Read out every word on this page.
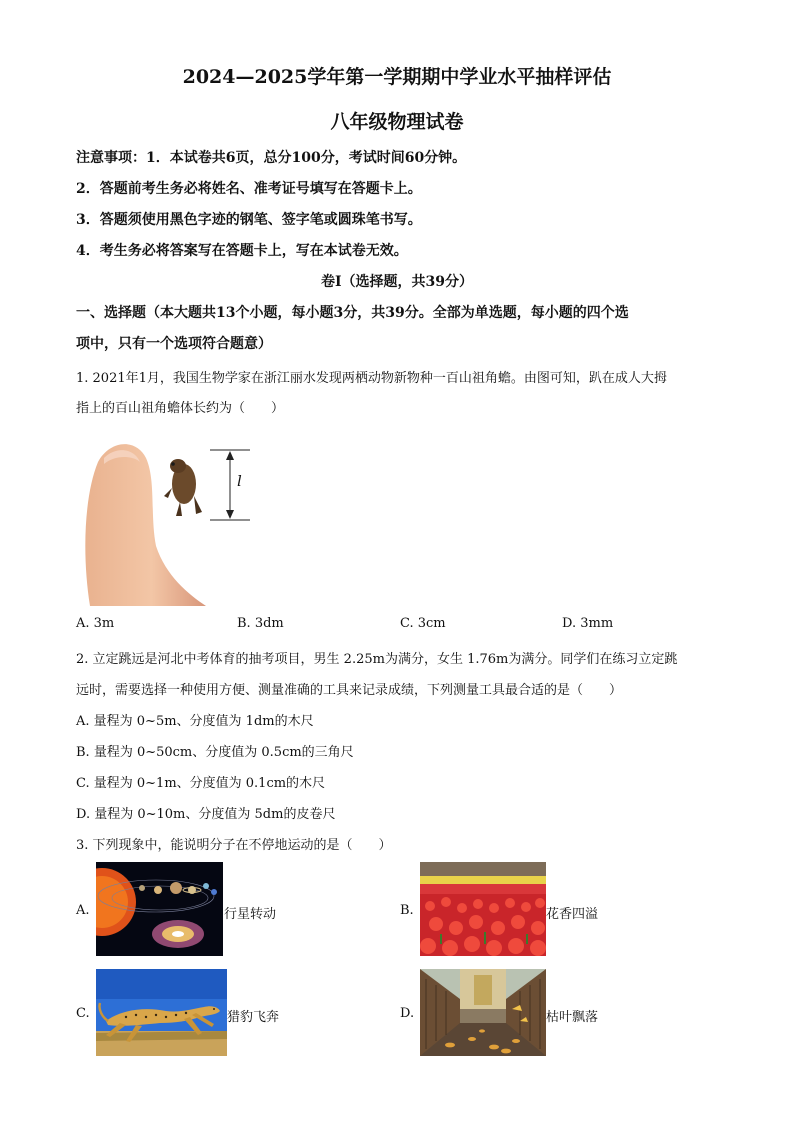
2024—2025学年第一学期期中学业水平抽样评估
八年级物理试卷
注意事项：1．本试卷共6页，总分100分，考试时间60分钟。
2．答题前考生务必将姓名、准考证号填写在答题卡上。
3．答题须使用黑色字迹的钢笔、签字笔或圆珠笔书写。
4．考生务必将答案写在答题卡上，写在本试卷无效。
卷Ⅰ（选择题，共39分）
一、选择题（本大题共13个小题，每小题3分，共39分。全部为单选题，每小题的四个选
项中，只有一个选项符合题意）
1. 2021年1月，我国生物学家在浙江丽水发现两栖动物新物种一百山祖角蟾。由图可知，趴在成人大拇
指上的百山祖角蟾体长约为（　　）
l
A. 3m	B. 3dm	C. 3cm	D. 3mm
2. 立定跳远是河北中考体育的抽考项目，男生 2.25m为满分，女生 1.76m为满分。同学们在练习立定跳
远时，需要选择一种使用方便、测量准确的工具来记录成绩，下列测量工具最合适的是（　　）
A. 量程为 0~5m、分度值为 1dm的木尺
B. 量程为 0~50cm、分度值为 0.5cm的三角尺
C. 量程为 0~1m、分度值为 0.1cm的木尺
D. 量程为 0~10m、分度值为 5dm的皮卷尺
3. 下列现象中，能说明分子在不停地运动的是（　　）
A.	行星转动	B.	花香四溢
C.	猎豹飞奔	D.	枯叶飘落
